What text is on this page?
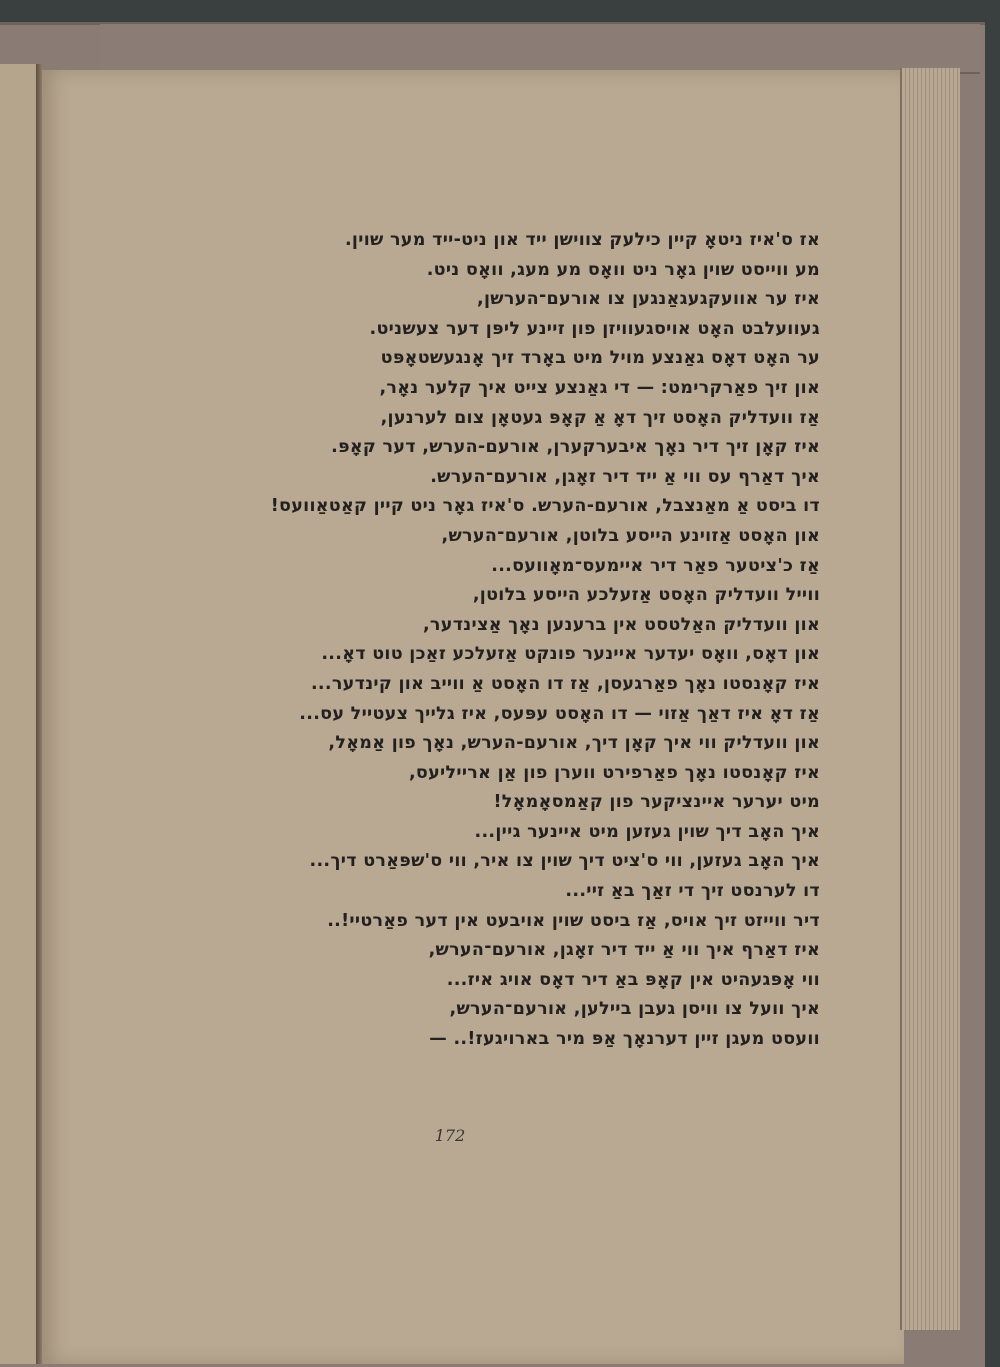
אז ס'איז ניטאָ קיין כילעק צווישן ייד און ניט-ייד מער שוין.
מע ווייסט שוין גאָר ניט וואָס מע מעג, וואָס ניט.
איז ער אוועקגעגאַנגען צו אורעם־הערשן,
געוועלבט האָט אויסגעוויזן פון זיינע ליפּן דער צעשניט.
ער האָט דאָס גאַנצע מויל מיט באָרד זיך אָנגעשטאָפּט
און זיך פאַרקרימט: — די גאַנצע צייט איך קלער נאָר,
אַז וועדליק האָסט זיך דאָ אַ קאָפּ געטאָן צום לערנען,
איז קאָן זיך דיר נאָך איבערקערן, אורעם-הערש, דער קאָפּ.
איך דאַרף עס ווי אַ ייד דיר זאָגן, אורעם־הערש.
דו ביסט אַ מאַנצבל, אורעם-הערש. ס'איז גאָר ניט קיין קאַטאַוועס!
און האָסט אַזוינע הייסע בלוטן, אורעם־הערש,
אַז כ'ציטער פאַר דיר איימעס־מאָוועס...
ווייל וועדליק האָסט אַזעלכע הייסע בלוטן,
און וועדליק האַלטסט אין ברענען נאָך אַצינדער,
און דאָס, וואָס יעדער איינער פונקט אַזעלכע זאַכן טוט דאָ...
איז קאָנסטו נאָך פאַרגעסן, אַז דו האָסט אַ ווייב און קינדער...
אַז דאָ איז דאַך אַזוי — דו האָסט עפּעס, איז גלייך צעטייל עס...
און וועדליק ווי איך קאָן דיך, אורעם-הערש, נאָך פון אַמאָל,
איז קאָנסטו נאָך פאַרפירט ווערן פון אַן ארייליעס,
מיט יערער איינציקער פון קאַמסאָמאָל!
איך האָב דיך שוין געזען מיט איינער גיין...
איך האָב געזען, ווי ס'ציט דיך שוין צו איר, ווי ס'שפּאַרט דיך...
דו לערנסט זיך די זאַך באַ זיי...
דיר ווייזט זיך אויס, אַז ביסט שוין אויבעט אין דער פאַרטיי!..
איז דאַרף איך ווי אַ ייד דיר זאָגן, אורעם־הערש,
ווי אָפּגעהיט אין קאָפּ באַ דיר דאָס אויג איז...
איך וועל צו וויסן געבן ביילען, אורעם־הערש,
וועסט מעגן זיין דערנאָך אַפּ מיר בארויגעז!.. —
172
